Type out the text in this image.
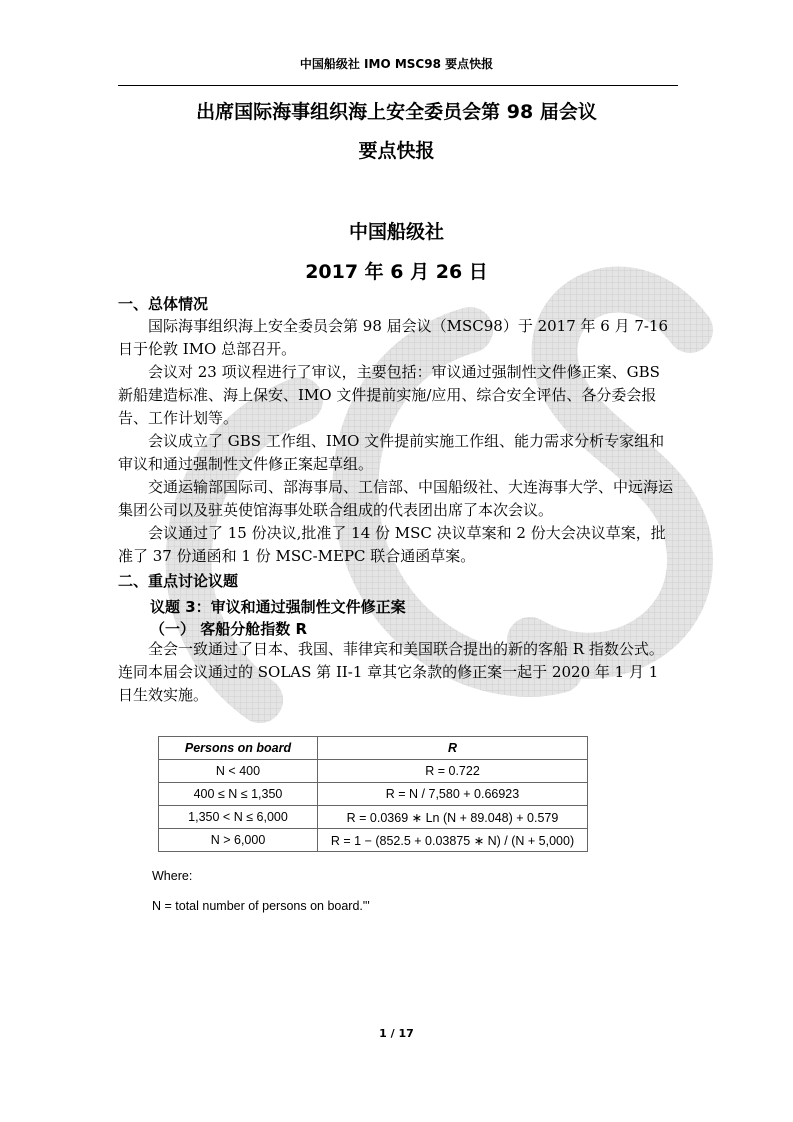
中国船级社 IMO MSC98 要点快报
出席国际海事组织海上安全委员会第 98 届会议
要点快报
中国船级社
2017 年 6 月 26 日
一、总体情况

国际海事组织海上安全委员会第 98 届会议（MSC98）于 2017 年 6 月 7-16 日于伦敦 IMO 总部召开。

会议对 23 项议程进行了审议，主要包括：审议通过强制性文件修正案、GBS 新船建造标准、海上保安、IMO 文件提前实施/应用、综合安全评估、各分委会报告、工作计划等。

会议成立了 GBS 工作组、IMO 文件提前实施工作组、能力需求分析专家组和审议和通过强制性文件修正案起草组。

交通运输部国际司、部海事局、工信部、中国船级社、大连海事大学、中远海运集团公司以及驻英使馆海事处联合组成的代表团出席了本次会议。

会议通过了 15 份决议,批准了 14 份 MSC 决议草案和 2 份大会决议草案，批准了 37 份通函和 1 份 MSC-MEPC 联合通函草案。

二、重点讨论议题
议题 3：审议和通过强制性文件修正案
（一） 客船分舱指数 R

全会一致通过了日本、我国、菲律宾和美国联合提出的新的客船 R 指数公式。连同本届会议通过的 SOLAS 第 II-1 章其它条款的修正案一起于 2020 年 1 月 1 日生效实施。

Persons on board	R
N < 400	R = 0.722
400 ≤ N ≤ 1,350	R = N / 7,580 + 0.66923
1,350 < N ≤ 6,000	R = 0.0369 ∗ Ln (N + 89.048) + 0.579
N > 6,000	R = 1 − (852.5 + 0.03875 ∗ N) / (N + 5,000)
Where:
N = total number of persons on board."'
1 / 17
